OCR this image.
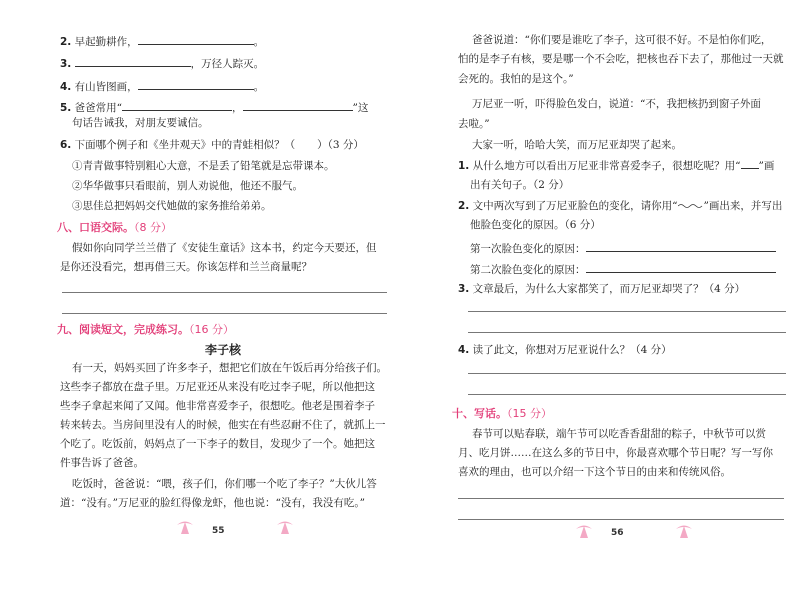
2. 早起勤耕作，	。
3.	，万径人踪灭。
4. 有山皆图画，	。
5. 爸爸常用“	，	”这
句话告诫我，对朋友要诚信。
6. 下面哪个例子和《坐井观天》中的青蛙相似？（ ）（3 分）
①青青做事特别粗心大意，不是丢了铅笔就是忘带课本。
②华华做事只看眼前，别人劝说他，他还不服气。
③思佳总把妈妈交代她做的家务推给弟弟。
八、口语交际。（8 分）
假如你向同学兰兰借了《安徒生童话》这本书，约定今天要还，但
是你还没看完，想再借三天。你该怎样和兰兰商量呢？
九、阅读短文，完成练习。（16 分）
李子核
有一天，妈妈买回了许多李子，想把它们放在午饭后再分给孩子们。
这些李子都放在盘子里。万尼亚还从来没有吃过李子呢，所以他把这
些李子拿起来闻了又闻。他非常喜爱李子，很想吃。他老是围着李子
转来转去。当房间里没有人的时候，他实在有些忍耐不住了，就抓上一
个吃了。吃饭前，妈妈点了一下李子的数目，发现少了一个。她把这
件事告诉了爸爸。
吃饭时，爸爸说：“喂，孩子们，你们哪一个吃了李子？”大伙儿答
道：“没有。”万尼亚的脸红得像龙虾，他也说：“没有，我没有吃。”
55
爸爸说道：“你们要是谁吃了李子，这可很不好。不是怕你们吃，
怕的是李子有核，要是哪一个不会吃，把核也吞下去了，那他过一天就
会死的。我怕的是这个。”
万尼亚一听，吓得脸色发白，说道：“不，我把核扔到窗子外面
去啦。”
大家一听，哈哈大笑，而万尼亚却哭了起来。
1. 从什么地方可以看出万尼亚非常喜爱李子，很想吃呢？用“ ”画
出有关句子。（2 分）
2. 文中两次写到了万尼亚脸色的变化，请你用“ ”画出来，并写出
他脸色变化的原因。（6 分）
第一次脸色变化的原因：
第二次脸色变化的原因：
3. 文章最后，为什么大家都笑了，而万尼亚却哭了？（4 分）
4. 读了此文，你想对万尼亚说什么？（4 分）
十、写话。（15 分）
春节可以贴春联，端午节可以吃香香甜甜的粽子，中秋节可以赏
月、吃月饼……在这么多的节日中，你最喜欢哪个节日呢？写一写你
喜欢的理由，也可以介绍一下这个节日的由来和传统风俗。
56
